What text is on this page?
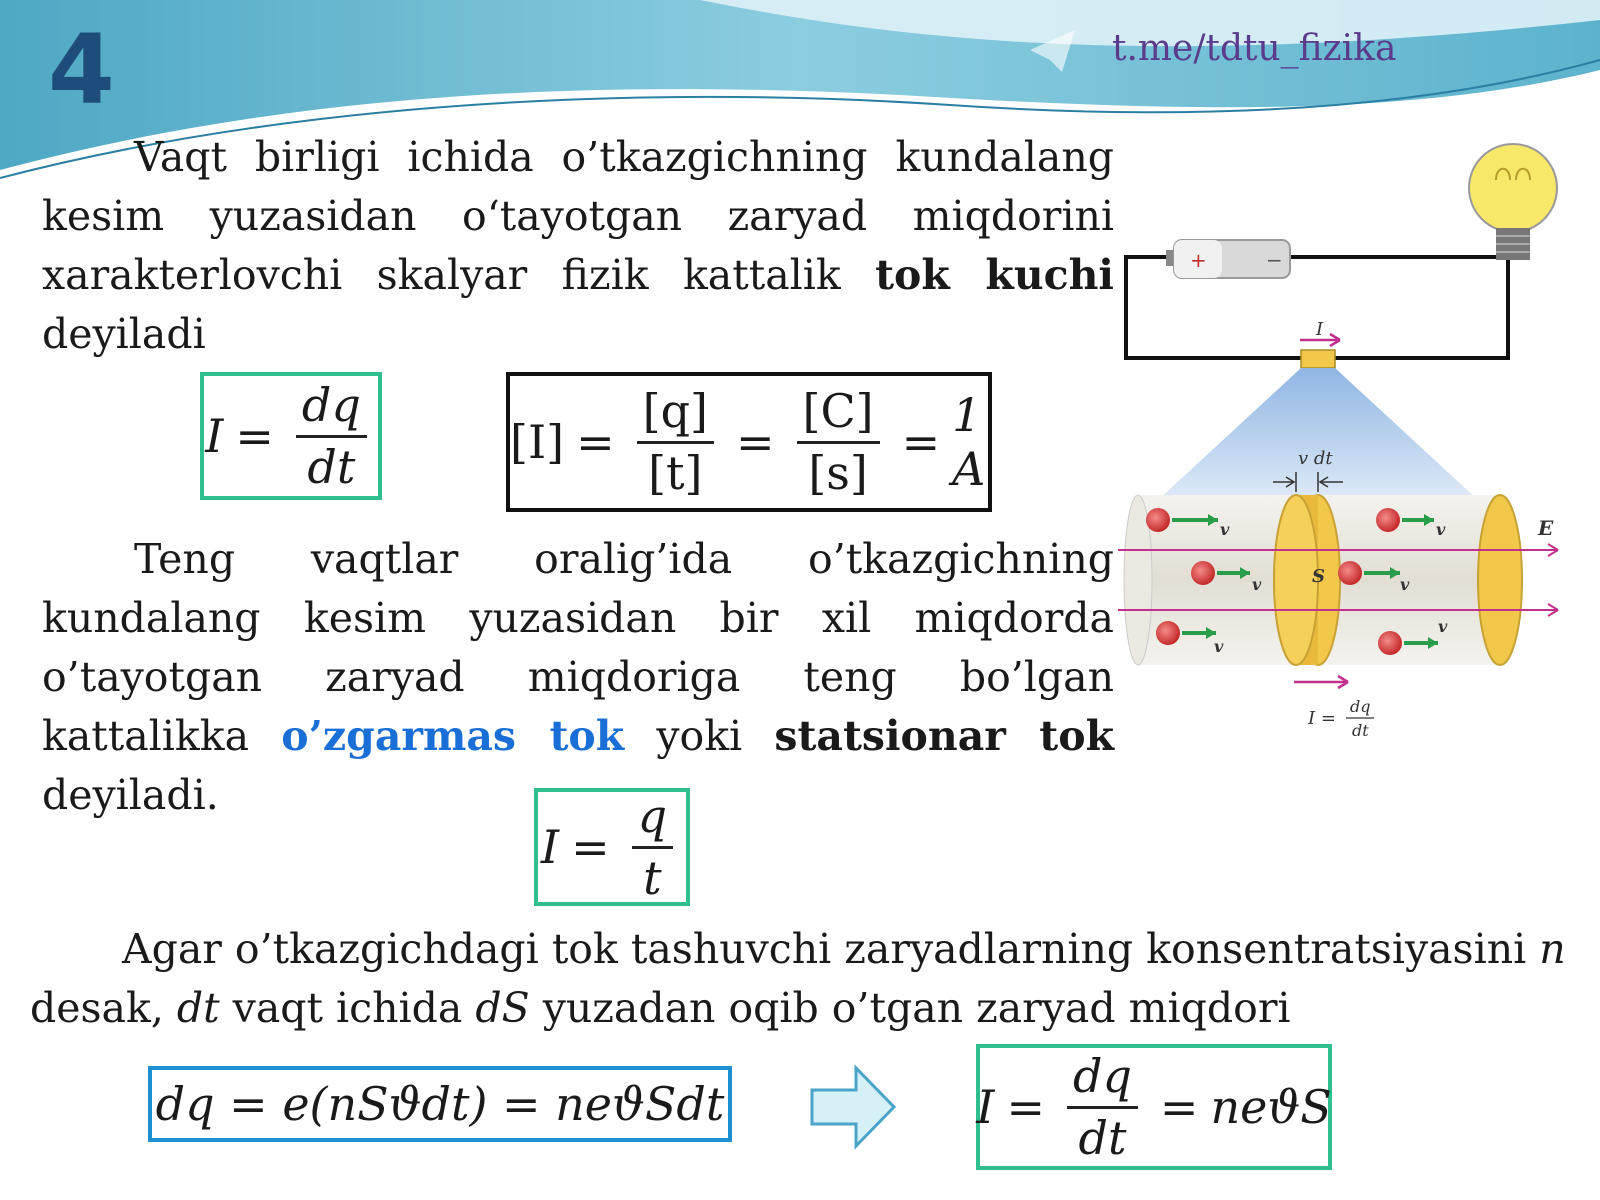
4	t.me/tdtu_fizika

Vaqt birligi ichida o’tkazgichning kundalang kesim yuzasidan o‘tayotgan zaryad miqdorini xarakterlovchi skalyar fizik kattalik tok kuchi deyiladi

$I = \frac{dq}{dt}$	$[I] = \frac{[q]}{[t]} = \frac{[C]}{[s]} = 1$ A

Teng vaqtlar oralig’ida o’tkazgichning kundalang kesim yuzasidan bir xil miqdorda o’tayotgan zaryad miqdoriga teng bo’lgan kattalikka o’zgarmas tok yoki statsionar tok deyiladi.

$I = \frac{q}{t}$

Agar o’tkazgichdagi tok tashuvchi zaryadlarning konsentratsiyasini n
desak, dt vaqt ichida dS yuzadan oqib o’tgan zaryad miqdori

dq = e(nSϑdt) = neϑSdt	$I = \frac{dq}{dt} = neϑS$
+	−
I
v dt
E
S
v
v
v
v
v
v
I =
dq
dt
